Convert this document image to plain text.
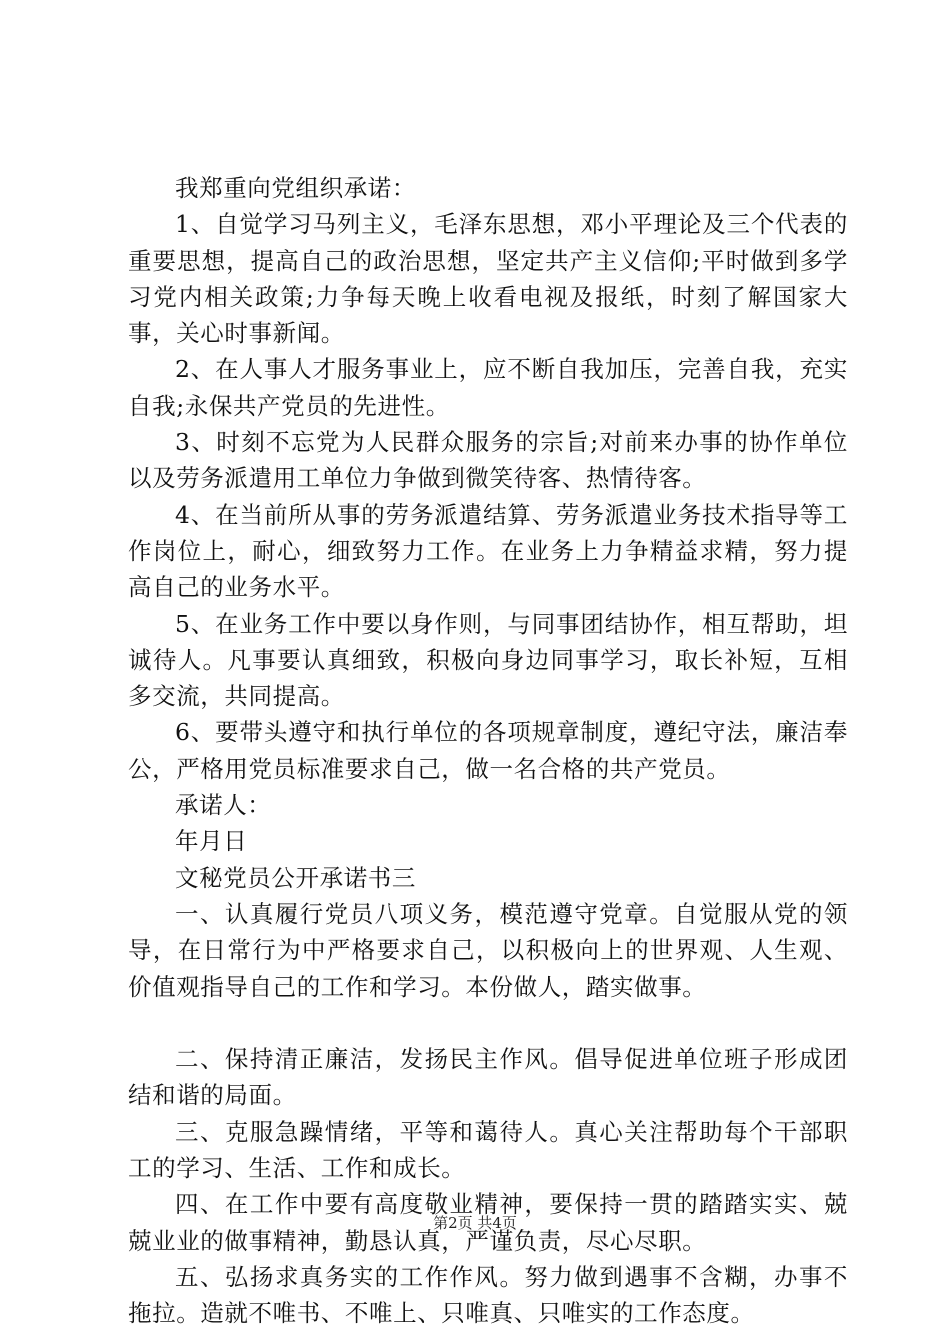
我郑重向党组织承诺：

1、自觉学习马列主义，毛泽东思想，邓小平理论及三个代表的重要思想，提高自己的政治思想，坚定共产主义信仰;平时做到多学习党内相关政策;力争每天晚上收看电视及报纸，时刻了解国家大事，关心时事新闻。

2、在人事人才服务事业上，应不断自我加压，完善自我，充实自我;永保共产党员的先进性。

3、时刻不忘党为人民群众服务的宗旨;对前来办事的协作单位以及劳务派遣用工单位力争做到微笑待客、热情待客。

4、在当前所从事的劳务派遣结算、劳务派遣业务技术指导等工作岗位上，耐心，细致努力工作。在业务上力争精益求精，努力提高自己的业务水平。

5、在业务工作中要以身作则，与同事团结协作，相互帮助，坦诚待人。凡事要认真细致，积极向身边同事学习，取长补短，互相多交流，共同提高。

6、要带头遵守和执行单位的各项规章制度，遵纪守法，廉洁奉公，严格用党员标准要求自己，做一名合格的共产党员。

承诺人：

年月日

文秘党员公开承诺书三

一、认真履行党员八项义务，模范遵守党章。自觉服从党的领导，在日常行为中严格要求自己，以积极向上的世界观、人生观、价值观指导自己的工作和学习。本份做人，踏实做事。

二、保持清正廉洁，发扬民主作风。倡导促进单位班子形成团结和谐的局面。

三、克服急躁情绪，平等和蔼待人。真心关注帮助每个干部职工的学习、生活、工作和成长。

四、在工作中要有高度敬业精神，要保持一贯的踏踏实实、兢兢业业的做事精神，勤恳认真，严谨负责，尽心尽职。

五、弘扬求真务实的工作作风。努力做到遇事不含糊，办事不拖拉。造就不唯书、不唯上、只唯真、只唯实的工作态度。

第2页 共4页
